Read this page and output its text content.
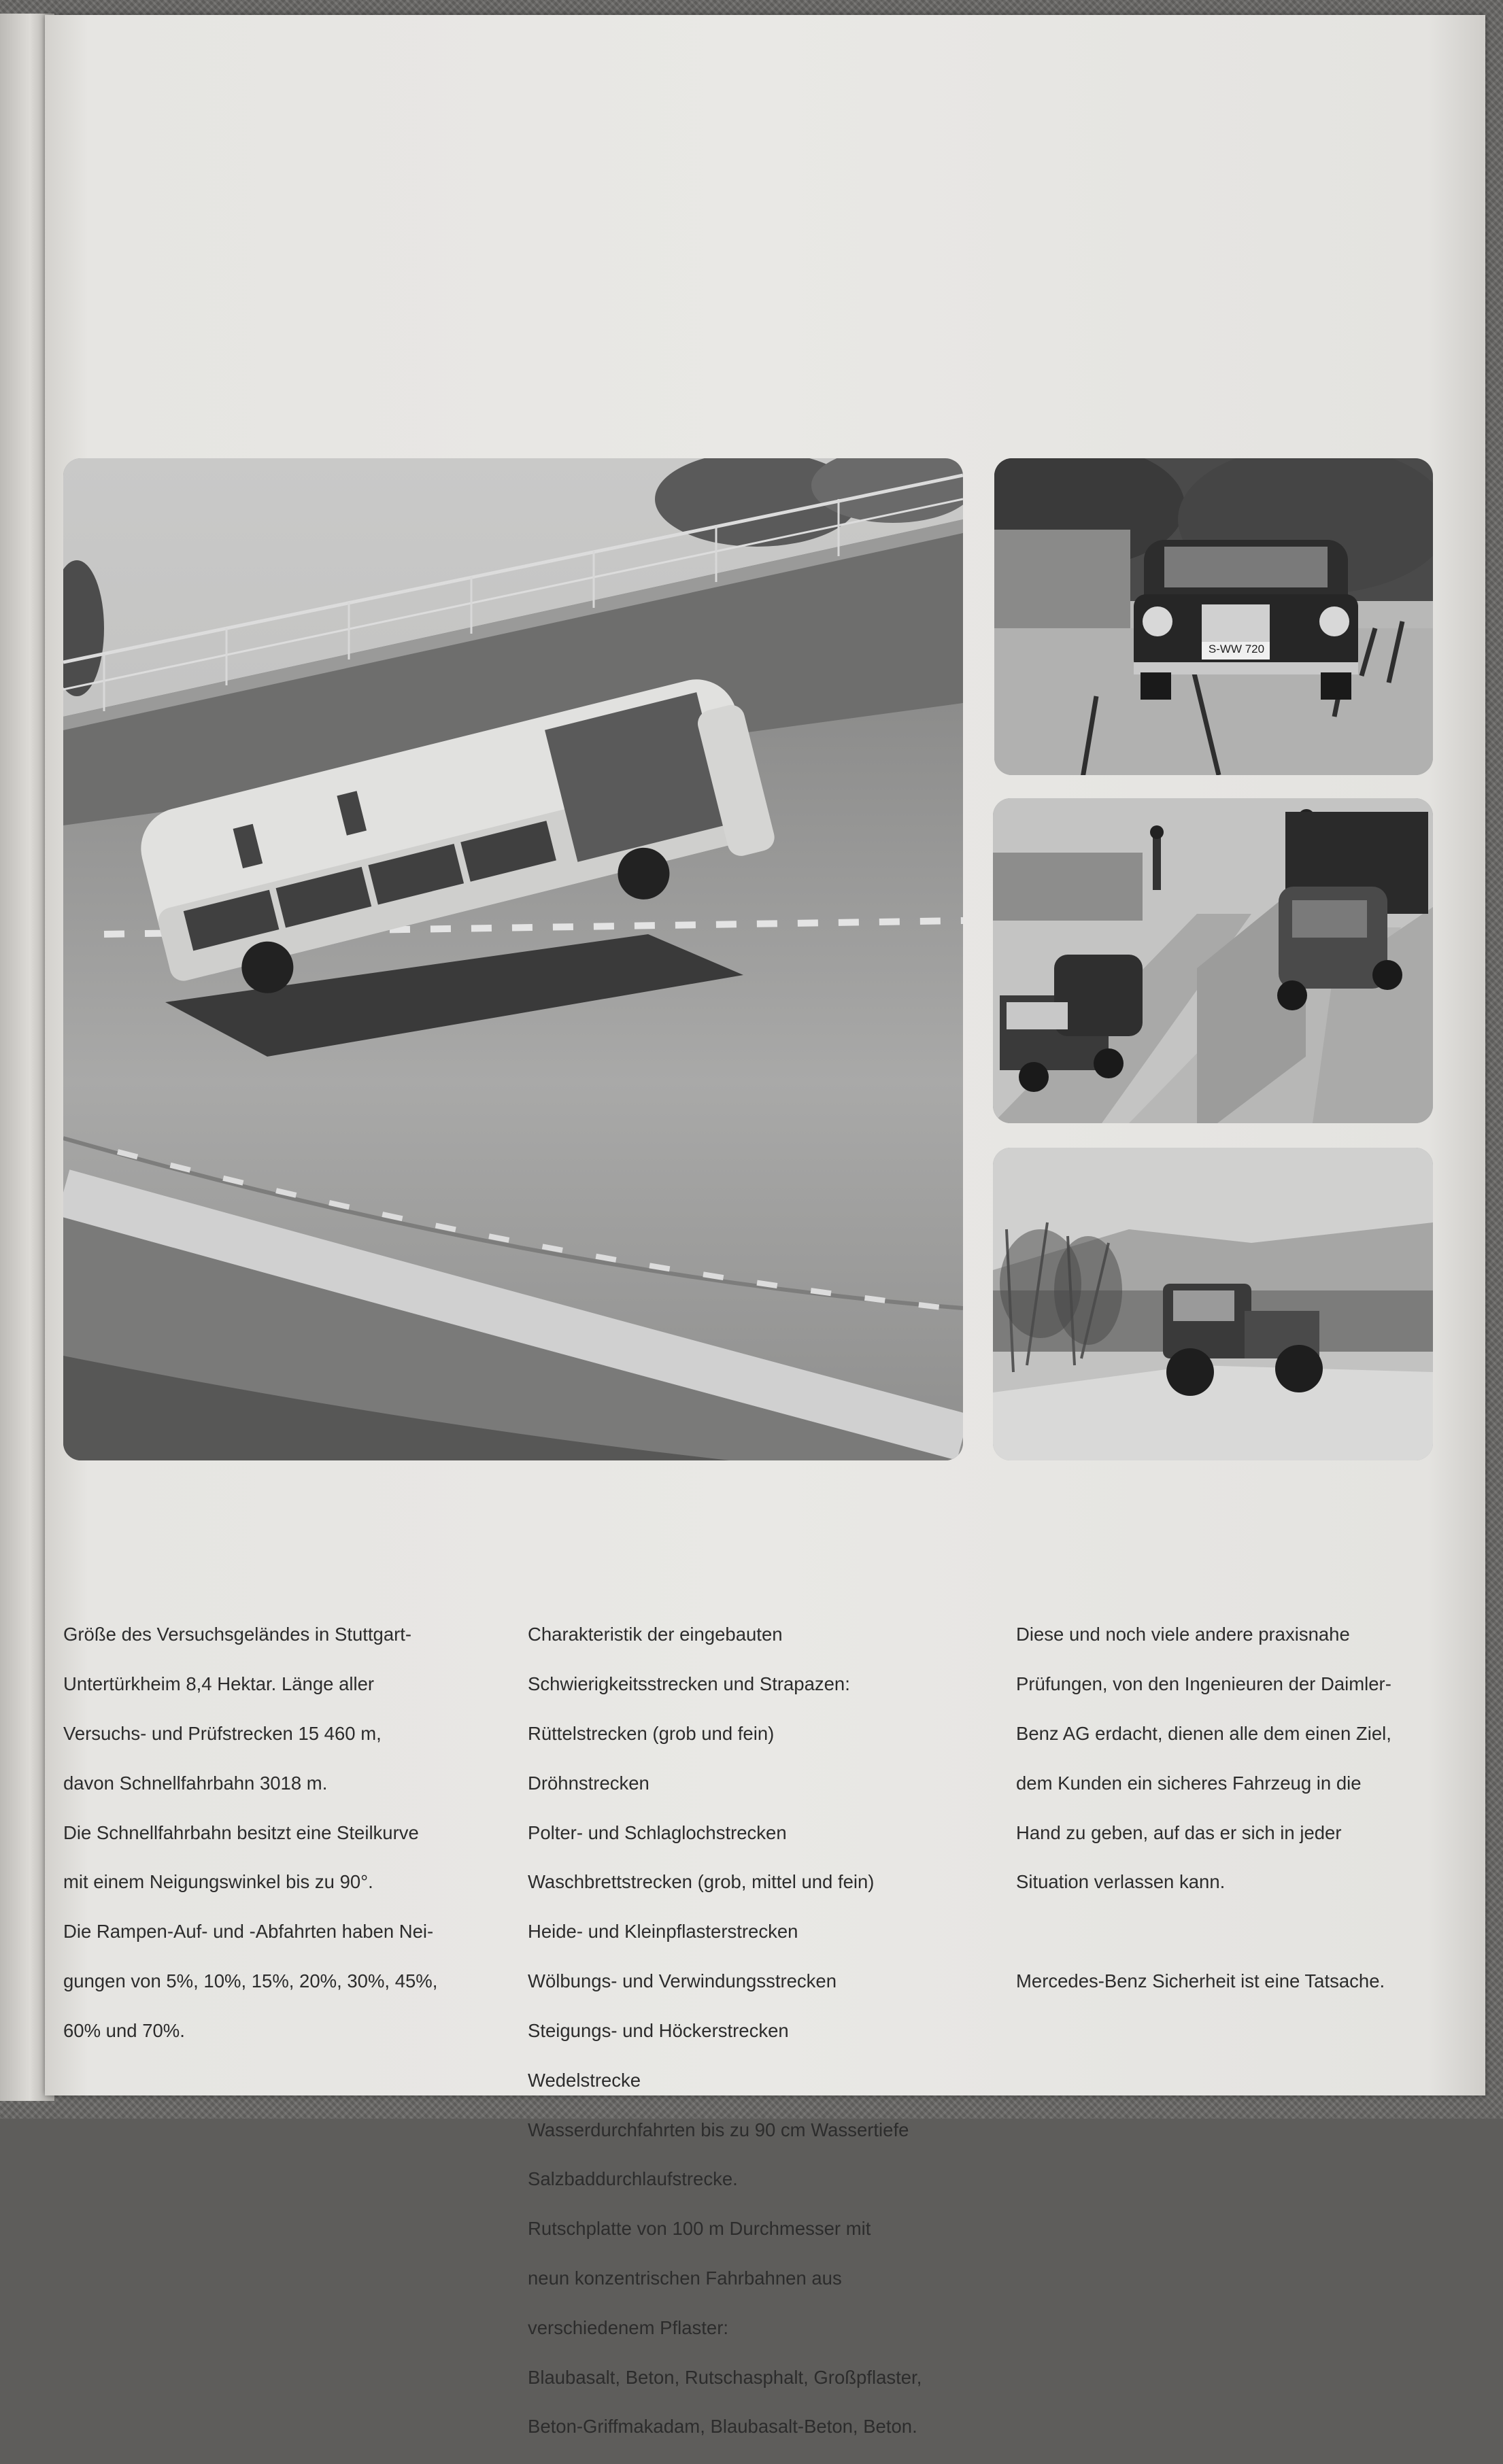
S-WW 720

Größe des Versuchsgeländes in Stuttgart-

Untertürkheim 8,4 Hektar. Länge aller

Versuchs- und Prüfstrecken 15 460 m,

davon Schnellfahrbahn 3018 m.

Die Schnellfahrbahn besitzt eine Steilkurve

mit einem Neigungswinkel bis zu 90°.

Die Rampen-Auf- und -Abfahrten haben Nei-

gungen von 5%, 10%, 15%, 20%, 30%, 45%,

60% und 70%.

Charakteristik der eingebauten

Schwierigkeitsstrecken und Strapazen:

Rüttelstrecken (grob und fein)

Dröhnstrecken

Polter- und Schlaglochstrecken

Waschbrettstrecken (grob, mittel und fein)

Heide- und Kleinpflasterstrecken

Wölbungs- und Verwindungsstrecken

Steigungs- und Höckerstrecken

Wedelstrecke

Wasserdurchfahrten bis zu 90 cm Wassertiefe

Salzbaddurchlaufstrecke.

Rutschplatte von 100 m Durchmesser mit

neun konzentrischen Fahrbahnen aus

verschiedenem Pflaster:

Blaubasalt, Beton, Rutschasphalt, Großpflaster,

Beton-Griffmakadam, Blaubasalt-Beton, Beton.

Diese und noch viele andere praxisnahe

Prüfungen, von den Ingenieuren der Daimler-

Benz AG erdacht, dienen alle dem einen Ziel,

dem Kunden ein sicheres Fahrzeug in die

Hand zu geben, auf das er sich in jeder

Situation verlassen kann.

Mercedes-Benz Sicherheit ist eine Tatsache.
